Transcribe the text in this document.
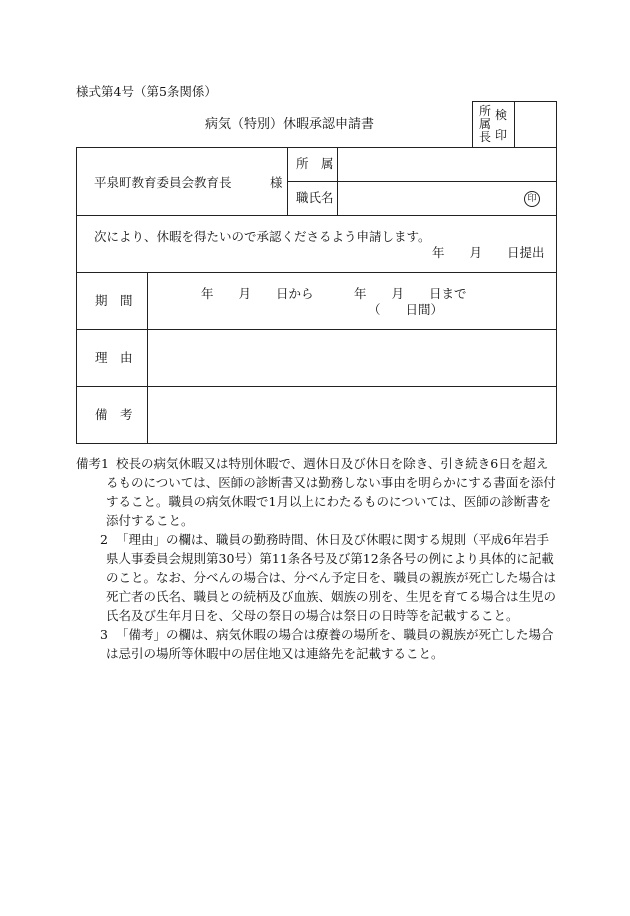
様式第4号（第5条関係）
病気（特別）休暇承認申請書
所
属
長
検
印
平泉町教育委員会教育長	様
所　属
職氏名	印
次により、休暇を得たいので承認くださるよう申請します。
年　　月　　日提出
期　間	年　　月　　日から	年　　月　　日まで
（　　日間）
理　由
備　考
備考1 校長の病気休暇又は特別休暇で、週休日及び休日を除き、引き続き6日を超えるものについては、医師の診断書又は勤務しない事由を明らかにする書面を添付すること。職員の病気休暇で1月以上にわたるものについては、医師の診断書を添付すること。

2 「理由」の欄は、職員の勤務時間、休日及び休暇に関する規則（平成6年岩手県人事委員会規則第30号）第11条各号及び第12条各号の例により具体的に記載のこと。なお、分べんの場合は、分べん予定日を、職員の親族が死亡した場合は死亡者の氏名、職員との続柄及び血族、姻族の別を、生児を育てる場合は生児の氏名及び生年月日を、父母の祭日の場合は祭日の日時等を記載すること。

3 「備考」の欄は、病気休暇の場合は療養の場所を、職員の親族が死亡した場合は忌引の場所等休暇中の居住地又は連絡先を記載すること。
